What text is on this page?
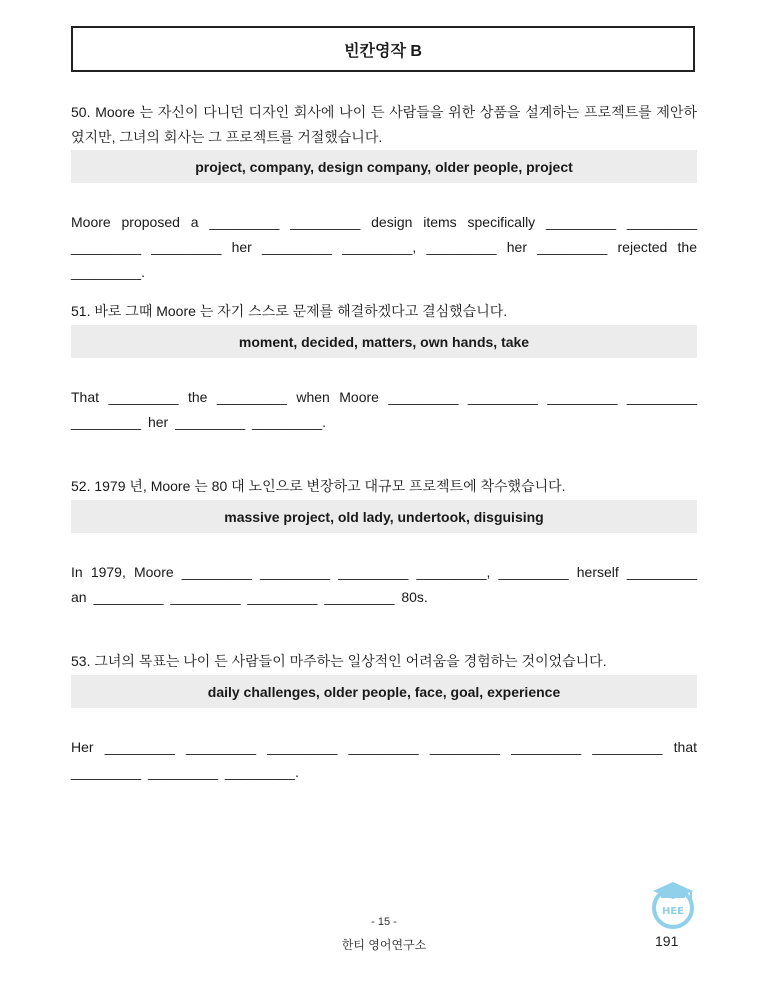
빈칸영작 B
50. Moore 는 자신이 다니던 디자인 회사에 나이 든 사람들을 위한 상품을 설계하는 프로젝트를 제안하였지만, 그녀의 회사는 그 프로젝트를 거절했습니다.
project, company, design company, older people, project
Moore proposed a _________ _________ design items specifically _________ _________ _________ _________ her _________ _________, _________ her _________ rejected the _________.
51. 바로 그때 Moore 는 자기 스스로 문제를 해결하겠다고 결심했습니다.
moment, decided, matters, own hands, take
That _________ the _________ when Moore _________ _________ _________ _________ _________ her _________ _________.
52. 1979 년, Moore 는 80 대 노인으로 변장하고 대규모 프로젝트에 착수했습니다.
massive project, old lady, undertook, disguising
In 1979, Moore _________ _________ _________ _________, _________ herself _________ an _________ _________ _________ _________ 80s.
53. 그녀의 목표는 나이 든 사람들이 마주하는 일상적인 어려움을 경험하는 것이었습니다.
daily challenges, older people, face, goal, experience
Her _________ _________ _________ _________ _________ _________ _________ that _________ _________ _________.
HEE
- 15 -
한티 영어연구소	191
